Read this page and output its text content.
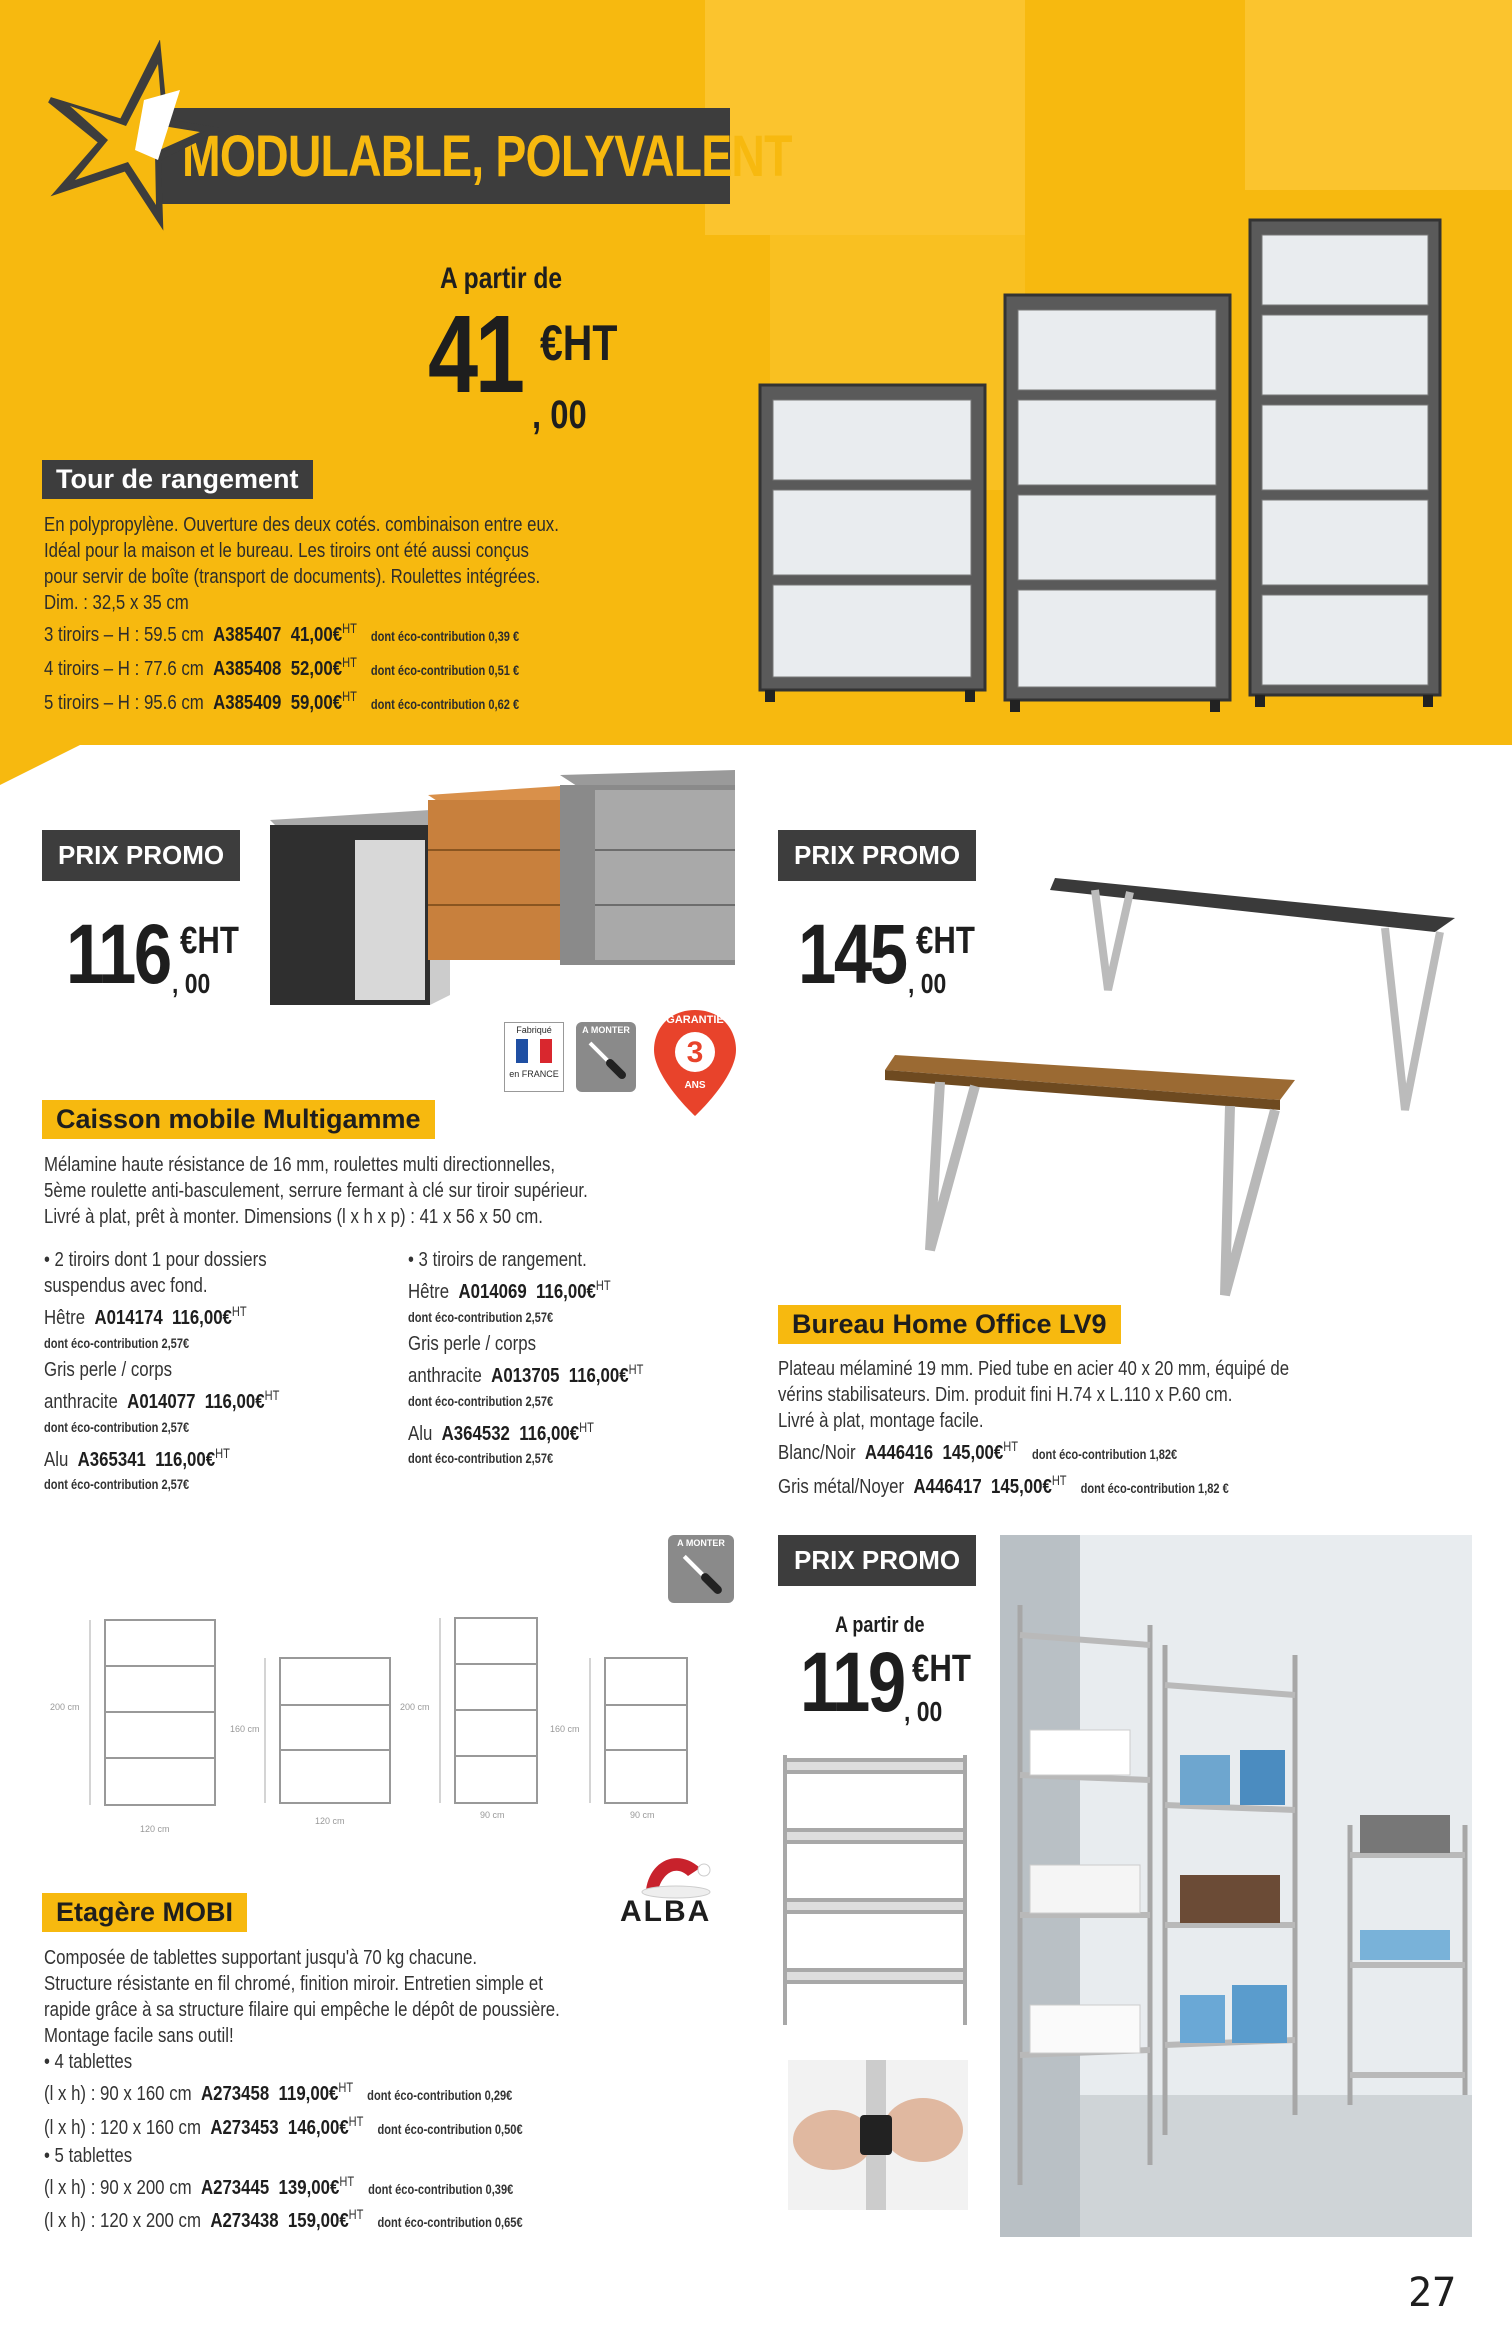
MODULABLE, POLYVALENT
A partir de
41 €HT
, 00
Tour de rangement
En polypropylène. Ouverture des deux cotés. combinaison entre eux.
Idéal pour la maison et le bureau. Les tiroirs ont été aussi conçus
pour servir de boîte (transport de documents). Roulettes intégrées.
Dim. : 32,5 x 35 cm
3 tiroirs – H : 59.5 cm A385407 41,00€$^{HT}$   dont éco-contribution 0,39 €
4 tiroirs – H : 77.6 cm A385408 52,00€$^{HT}$   dont éco-contribution 0,51 €
5 tiroirs – H : 95.6 cm A385409 59,00€$^{HT}$   dont éco-contribution 0,62 €
PRIX PROMO
116 €HT
, 00
Fabriqué
en FRANCE
A MONTER
GARANTIE
3
ANS
Caisson mobile Multigamme
Mélamine haute résistance de 16 mm, roulettes multi directionnelles,
5ème roulette anti-basculement, serrure fermant à clé sur tiroir supérieur.
Livré à plat, prêt à monter. Dimensions (l x h x p) : 41 x 56 x 50 cm.
• 2 tiroirs dont 1 pour dossiers
suspendus avec fond.
Hêtre A014174 116,00€$^{HT}$
dont éco-contribution 2,57€
Gris perle / corps
anthracite A014077 116,00€$^{HT}$
dont éco-contribution 2,57€
Alu A365341 116,00€$^{HT}$
dont éco-contribution 2,57€
• 3 tiroirs de rangement.
Hêtre A014069 116,00€$^{HT}$
dont éco-contribution 2,57€
Gris perle / corps
anthracite A013705 116,00€$^{HT}$
dont éco-contribution 2,57€
Alu A364532 116,00€$^{HT}$
dont éco-contribution 2,57€
PRIX PROMO
145 €HT
, 00
Bureau Home Office LV9
Plateau mélaminé 19 mm. Pied tube en acier 40 x 20 mm, équipé de
vérins stabilisateurs. Dim. produit fini H.74 x L.110 x P.60 cm.
Livré à plat, montage facile.
Blanc/Noir A446416 145,00€$^{HT}$   dont éco-contribution 1,82€
Gris métal/Noyer A446417 145,00€$^{HT}$   dont éco-contribution 1,82 €
A MONTER
200 cm
120 cm
160 cm
120 cm
200 cm
90 cm
160 cm
90 cm
ALBA
Etagère MOBI
Composée de tablettes supportant jusqu'à 70 kg chacune.
Structure résistante en fil chromé, finition miroir. Entretien simple et
rapide grâce à sa structure filaire qui empêche le dépôt de poussière.
Montage facile sans outil!
• 4 tablettes
(l x h) : 90 x 160 cm A273458 119,00€$^{HT}$   dont éco-contribution 0,29€
(l x h) : 120 x 160 cm A273453 146,00€$^{HT}$   dont éco-contribution 0,50€
• 5 tablettes
(l x h) : 90 x 200 cm A273445 139,00€$^{HT}$   dont éco-contribution 0,39€
(l x h) : 120 x 200 cm A273438 159,00€$^{HT}$   dont éco-contribution 0,65€
PRIX PROMO
A partir de
119 €HT
, 00
27
